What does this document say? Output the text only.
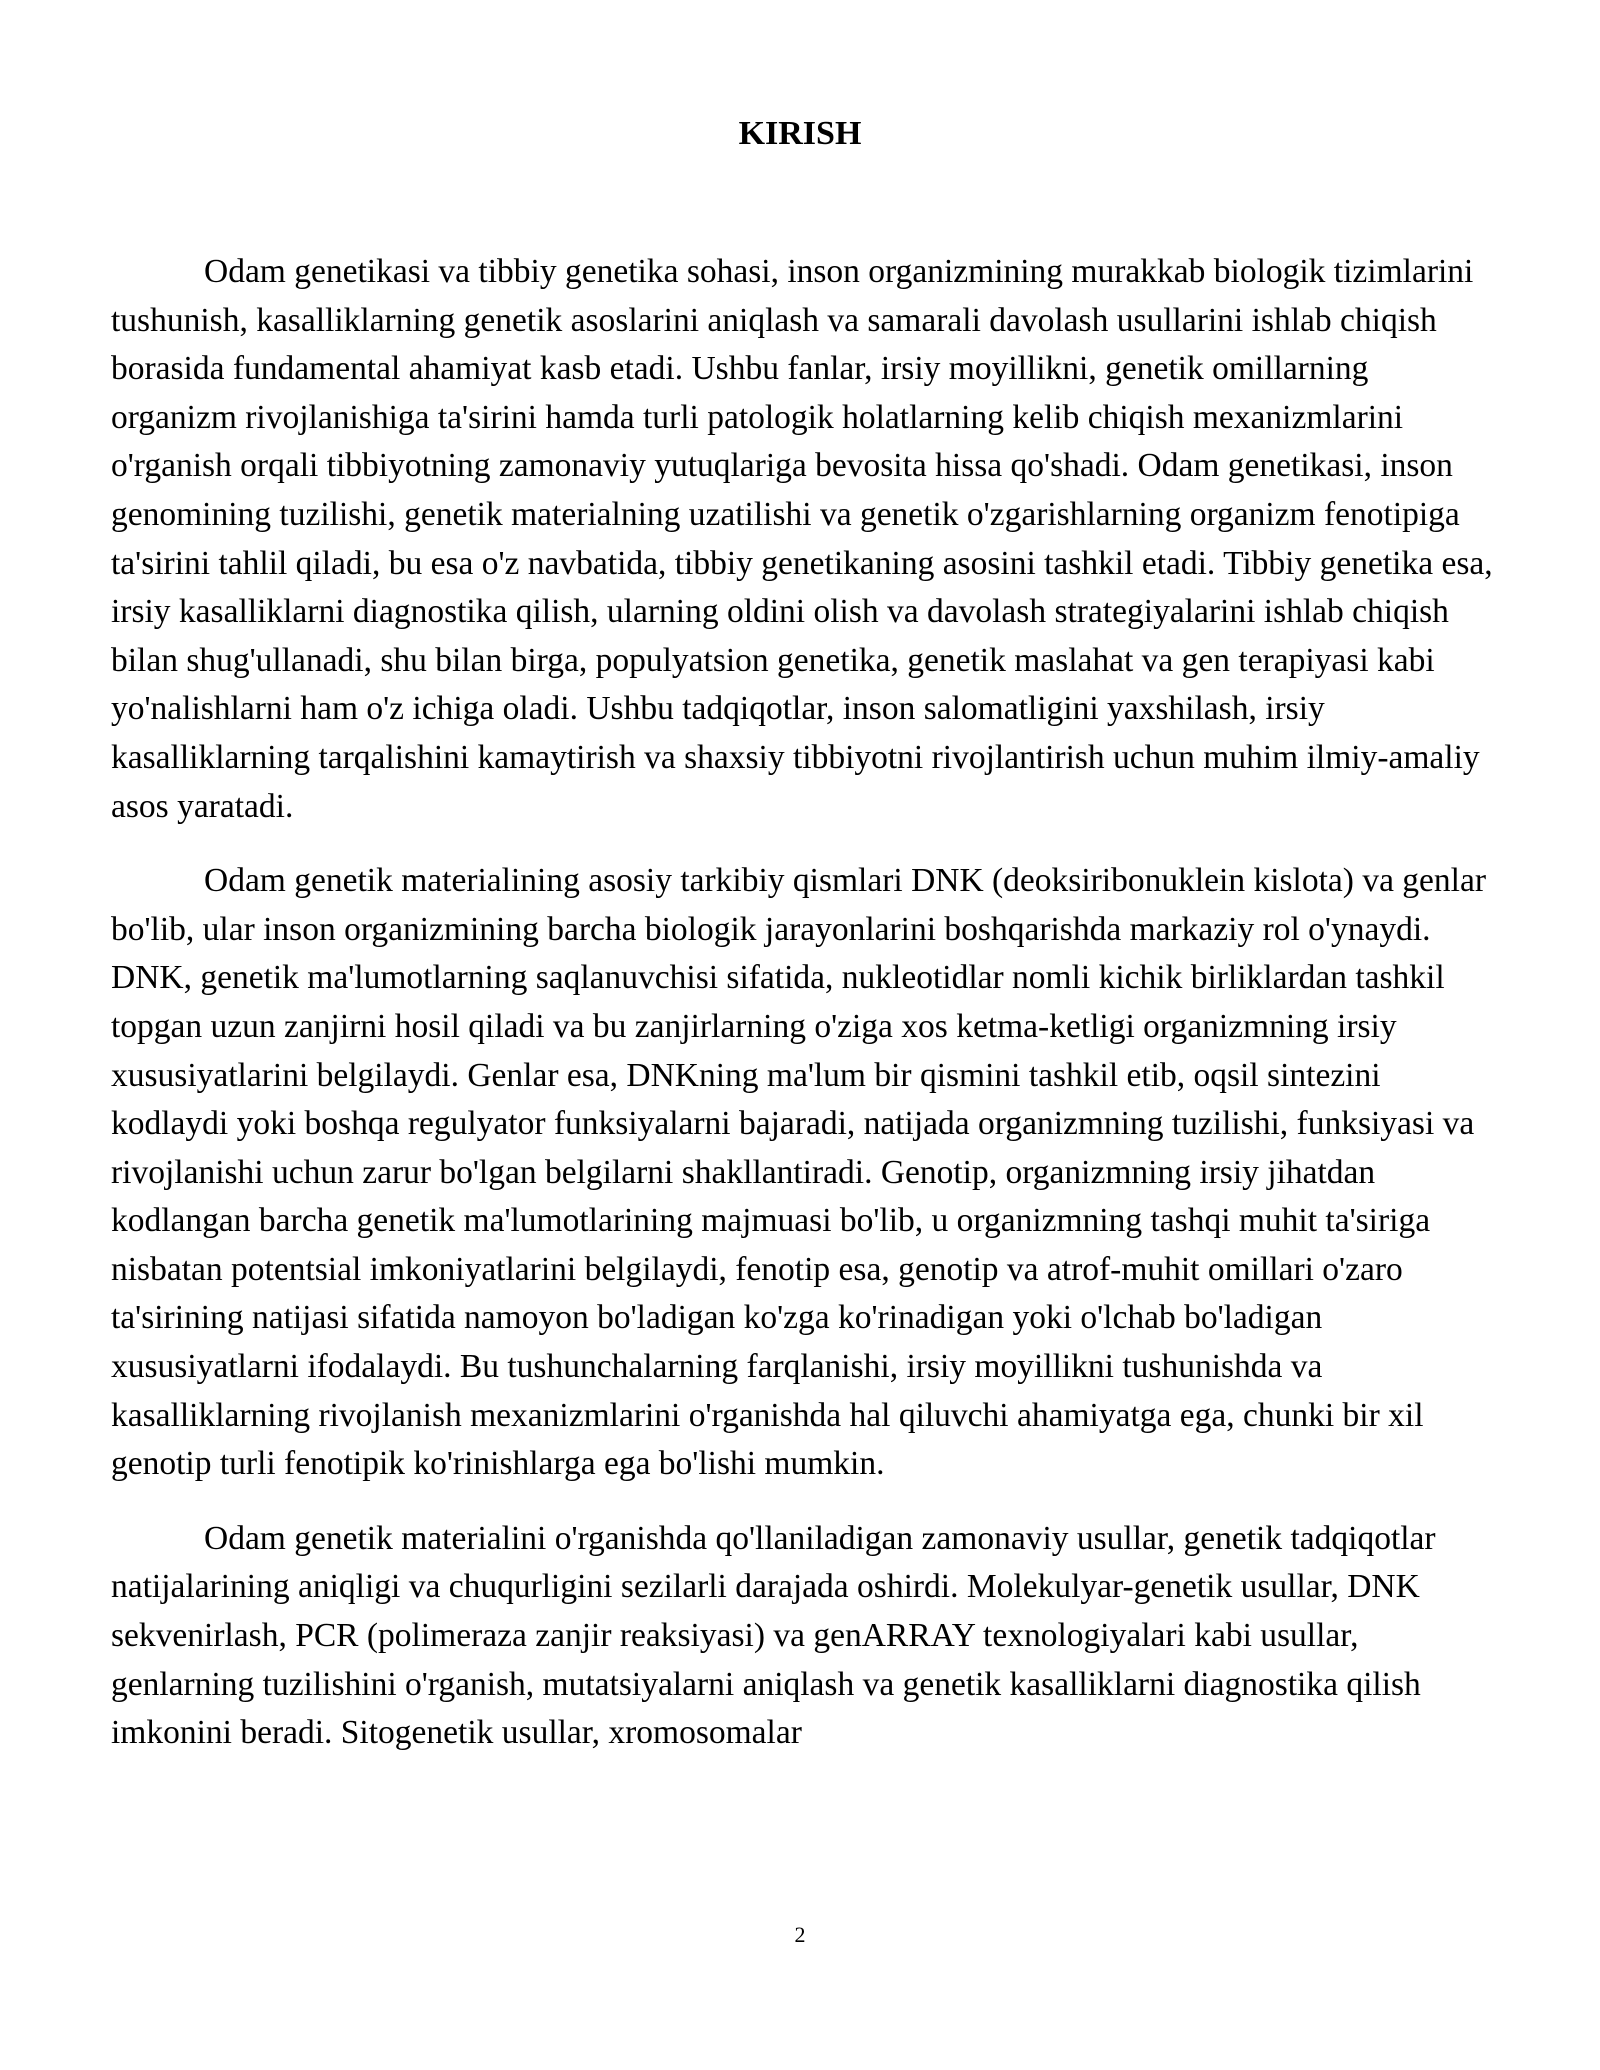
KIRISH

Odam genetikasi va tibbiy genetika sohasi, inson organizmining murakkab biologik tizimlarini tushunish, kasalliklarning genetik asoslarini aniqlash va samarali davolash usullarini ishlab chiqish borasida fundamental ahamiyat kasb etadi. Ushbu fanlar, irsiy moyillikni, genetik omillarning organizm rivojlanishiga ta'sirini hamda turli patologik holatlarning kelib chiqish mexanizmlarini o'rganish orqali tibbiyotning zamonaviy yutuqlariga bevosita hissa qo'shadi. Odam genetikasi, inson genomining tuzilishi, genetik materialning uzatilishi va genetik o'zgarishlarning organizm fenotipiga ta'sirini tahlil qiladi, bu esa o'z navbatida, tibbiy genetikaning asosini tashkil etadi. Tibbiy genetika esa, irsiy kasalliklarni diagnostika qilish, ularning oldini olish va davolash strategiyalarini ishlab chiqish bilan shug'ullanadi, shu bilan birga, populyatsion genetika, genetik maslahat va gen terapiyasi kabi yo'nalishlarni ham o'z ichiga oladi. Ushbu tadqiqotlar, inson salomatligini yaxshilash, irsiy kasalliklarning tarqalishini kamaytirish va shaxsiy tibbiyotni rivojlantirish uchun muhim ilmiy-amaliy asos yaratadi.

Odam genetik materialining asosiy tarkibiy qismlari DNK (deoksiribonuklein kislota) va genlar bo'lib, ular inson organizmining barcha biologik jarayonlarini boshqarishda markaziy rol o'ynaydi. DNK, genetik ma'lumotlarning saqlanuvchisi sifatida, nukleotidlar nomli kichik birliklardan tashkil topgan uzun zanjirni hosil qiladi va bu zanjirlarning o'ziga xos ketma-ketligi organizmning irsiy xususiyatlarini belgilaydi. Genlar esa, DNKning ma'lum bir qismini tashkil etib, oqsil sintezini kodlaydi yoki boshqa regulyator funksiyalarni bajaradi, natijada organizmning tuzilishi, funksiyasi va rivojlanishi uchun zarur bo'lgan belgilarni shakllantiradi. Genotip, organizmning irsiy jihatdan kodlangan barcha genetik ma'lumotlarining majmuasi bo'lib, u organizmning tashqi muhit ta'siriga nisbatan potentsial imkoniyatlarini belgilaydi, fenotip esa, genotip va atrof-muhit omillari o'zaro ta'sirining natijasi sifatida namoyon bo'ladigan ko'zga ko'rinadigan yoki o'lchab bo'ladigan xususiyatlarni ifodalaydi. Bu tushunchalarning farqlanishi, irsiy moyillikni tushunishda va kasalliklarning rivojlanish mexanizmlarini o'rganishda hal qiluvchi ahamiyatga ega, chunki bir xil genotip turli fenotipik ko'rinishlarga ega bo'lishi mumkin.

Odam genetik materialini o'rganishda qo'llaniladigan zamonaviy usullar, genetik tadqiqotlar natijalarining aniqligi va chuqurligini sezilarli darajada oshirdi. Molekulyar-genetik usullar, DNK sekvenirlash, PCR (polimeraza zanjir reaksiyasi) va genARRAY texnologiyalari kabi usullar, genlarning tuzilishini o'rganish, mutatsiyalarni aniqlash va genetik kasalliklarni diagnostika qilish imkonini beradi. Sitogenetik usullar, xromosomalar

2
